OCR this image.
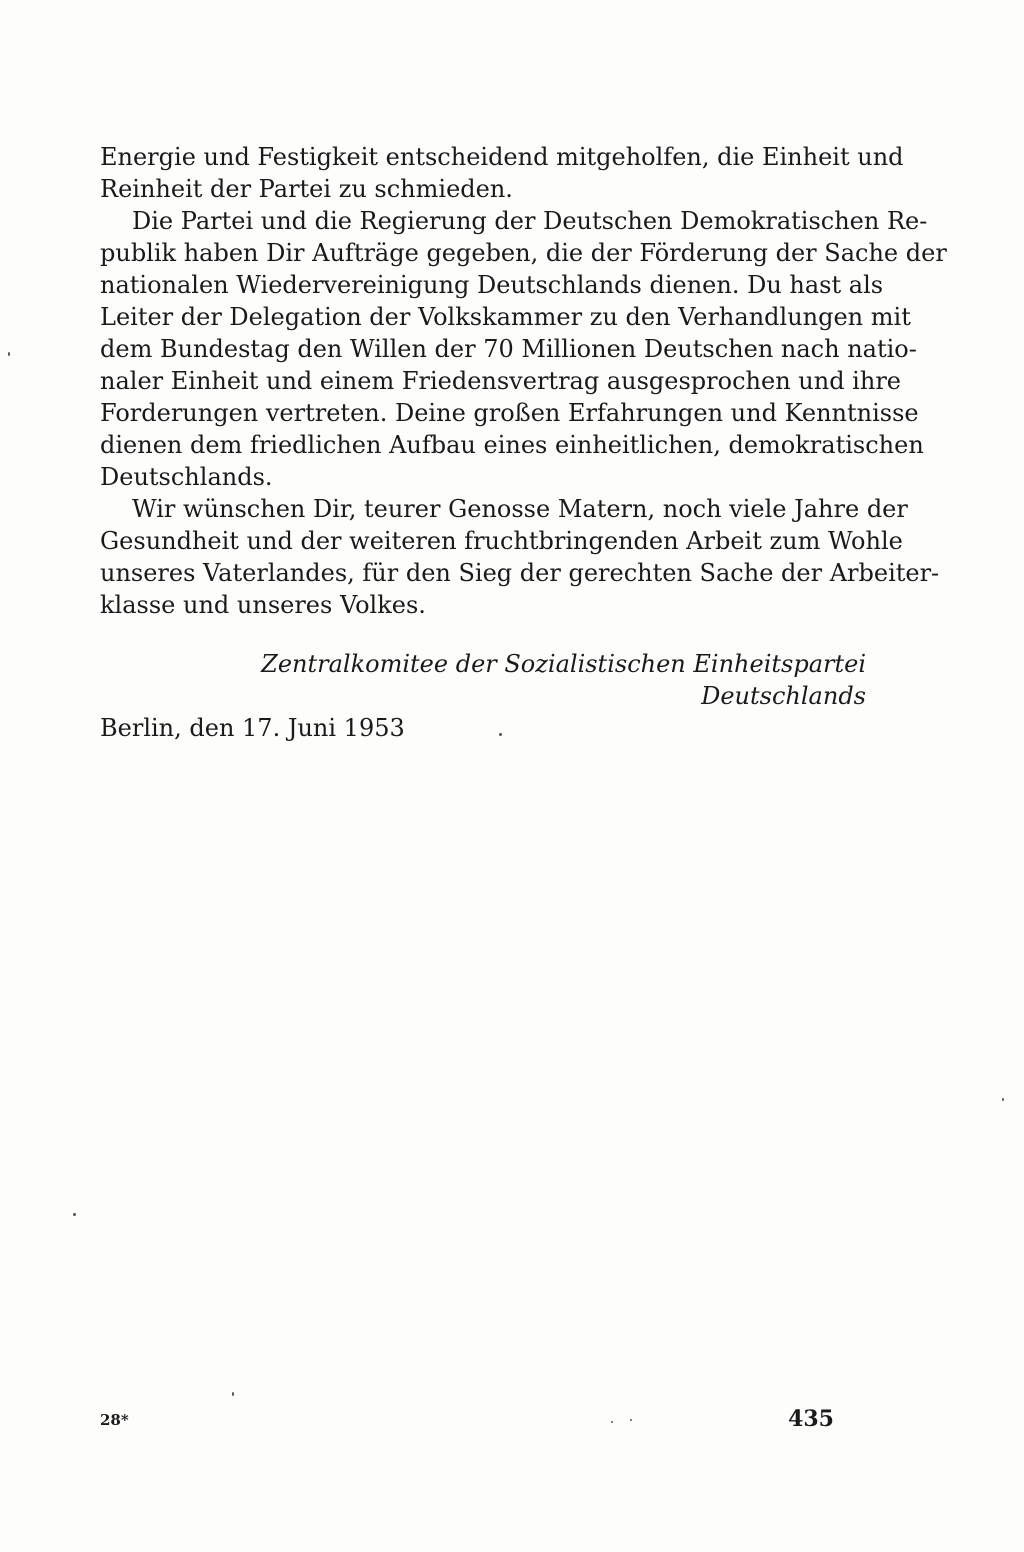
Energie und Festigkeit entscheidend mitgeholfen, die Einheit und
Reinheit der Partei zu schmieden.

Die Partei und die Regierung der Deutschen Demokratischen Re-
publik haben Dir Aufträge gegeben, die der Förderung der Sache der
nationalen Wiedervereinigung Deutschlands dienen. Du hast als
Leiter der Delegation der Volkskammer zu den Verhandlungen mit
dem Bundestag den Willen der 70 Millionen Deutschen nach natio-
naler Einheit und einem Friedensvertrag ausgesprochen und ihre
Forderungen vertreten. Deine großen Erfahrungen und Kenntnisse
dienen dem friedlichen Aufbau eines einheitlichen, demokratischen
Deutschlands.

Wir wünschen Dir, teurer Genosse Matern, noch viele Jahre der
Gesundheit und der weiteren fruchtbringenden Arbeit zum Wohle
unseres Vaterlandes, für den Sieg der gerechten Sache der Arbeiter-
klasse und unseres Volkes.

Zentralkomitee der Sozialistischen Einheitspartei Deutschlands
Berlin, den 17. Juni 1953
28*	435
